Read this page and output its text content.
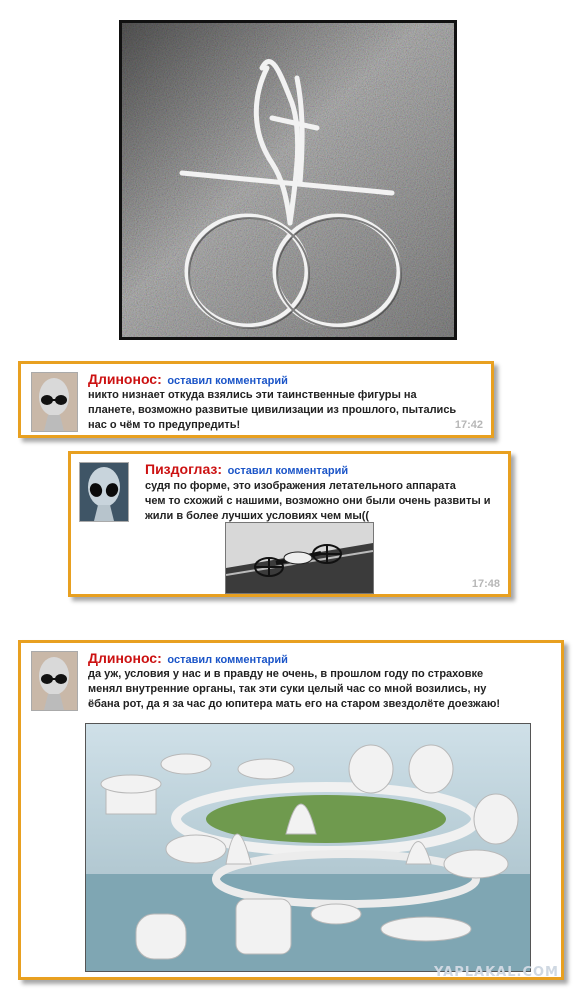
Длинонос: оставил комментарий
никто низнает откуда взялись эти таинственные фигуры на
планете, возможно развитые цивилизации из прошлого, пытались
нас о чём то предупредить!	17:42
Пиздоглаз: оставил комментарий
судя по форме, это изображения летательного аппарата
чем то схожий с нашими, возможно они были очень развиты и
жили в более лучших условиях чем мы((
17:48
Длинонос: оставил комментарий
да уж, условия у нас и в правду не очень, в прошлом году по страховке
менял внутренние органы, так эти суки целый час со мной возились, ну
ёбана рот, да я за час до юпитера мать его на старом звездолёте доезжаю!
YAPLAKAL.COM
